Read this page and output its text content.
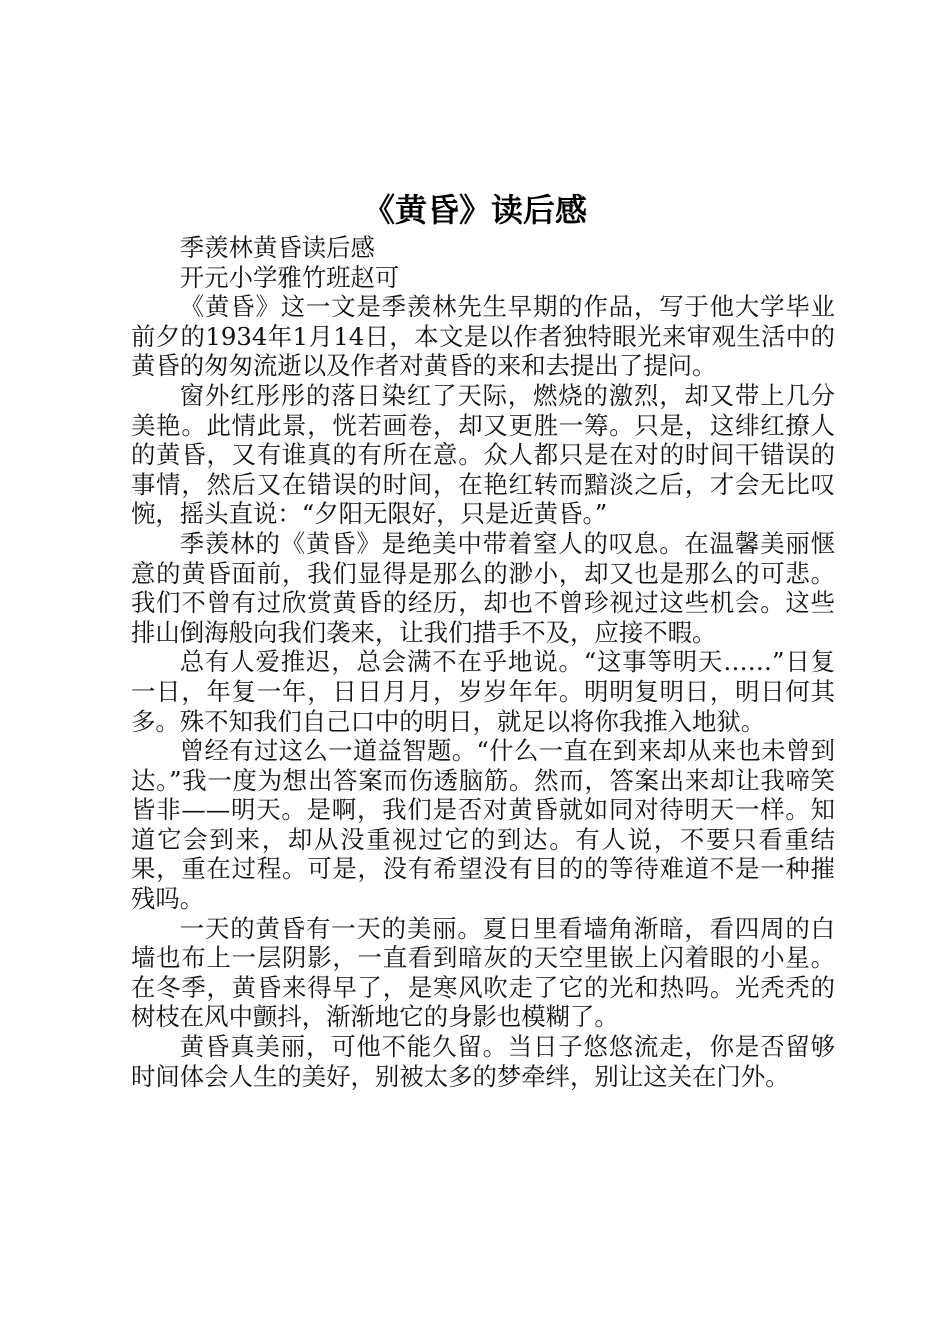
《黄昏》读后感

季羡林黄昏读后感

开元小学雅竹班赵可

《黄昏》这一文是季羡林先生早期的作品，写于他大学毕业前夕的1934年1月14日，本文是以作者独特眼光来审观生活中的黄昏的匆匆流逝以及作者对黄昏的来和去提出了提问。

窗外红彤彤的落日染红了天际，燃烧的激烈，却又带上几分美艳。此情此景，恍若画卷，却又更胜一筹。只是，这绯红撩人的黄昏，又有谁真的有所在意。众人都只是在对的时间干错误的事情，然后又在错误的时间，在艳红转而黯淡之后，才会无比叹惋，摇头直说：“夕阳无限好，只是近黄昏。”

季羡林的《黄昏》是绝美中带着窒人的叹息。在温馨美丽惬意的黄昏面前，我们显得是那么的渺小，却又也是那么的可悲。我们不曾有过欣赏黄昏的经历，却也不曾珍视过这些机会。这些排山倒海般向我们袭来，让我们措手不及，应接不暇。

总有人爱推迟，总会满不在乎地说。“这事等明天……”日复一日，年复一年，日日月月，岁岁年年。明明复明日，明日何其多。殊不知我们自己口中的明日，就足以将你我推入地狱。

曾经有过这么一道益智题。“什么一直在到来却从来也未曾到达。”我一度为想出答案而伤透脑筋。然而，答案出来却让我啼笑皆非——明天。是啊，我们是否对黄昏就如同对待明天一样。知道它会到来，却从没重视过它的到达。有人说，不要只看重结果，重在过程。可是，没有希望没有目的的等待难道不是一种摧残吗。

一天的黄昏有一天的美丽。夏日里看墙角渐暗，看四周的白墙也布上一层阴影，一直看到暗灰的天空里嵌上闪着眼的小星。在冬季，黄昏来得早了，是寒风吹走了它的光和热吗。光秃秃的树枝在风中颤抖，渐渐地它的身影也模糊了。

黄昏真美丽，可他不能久留。当日子悠悠流走，你是否留够时间体会人生的美好，别被太多的梦牵绊，别让这关在门外。
